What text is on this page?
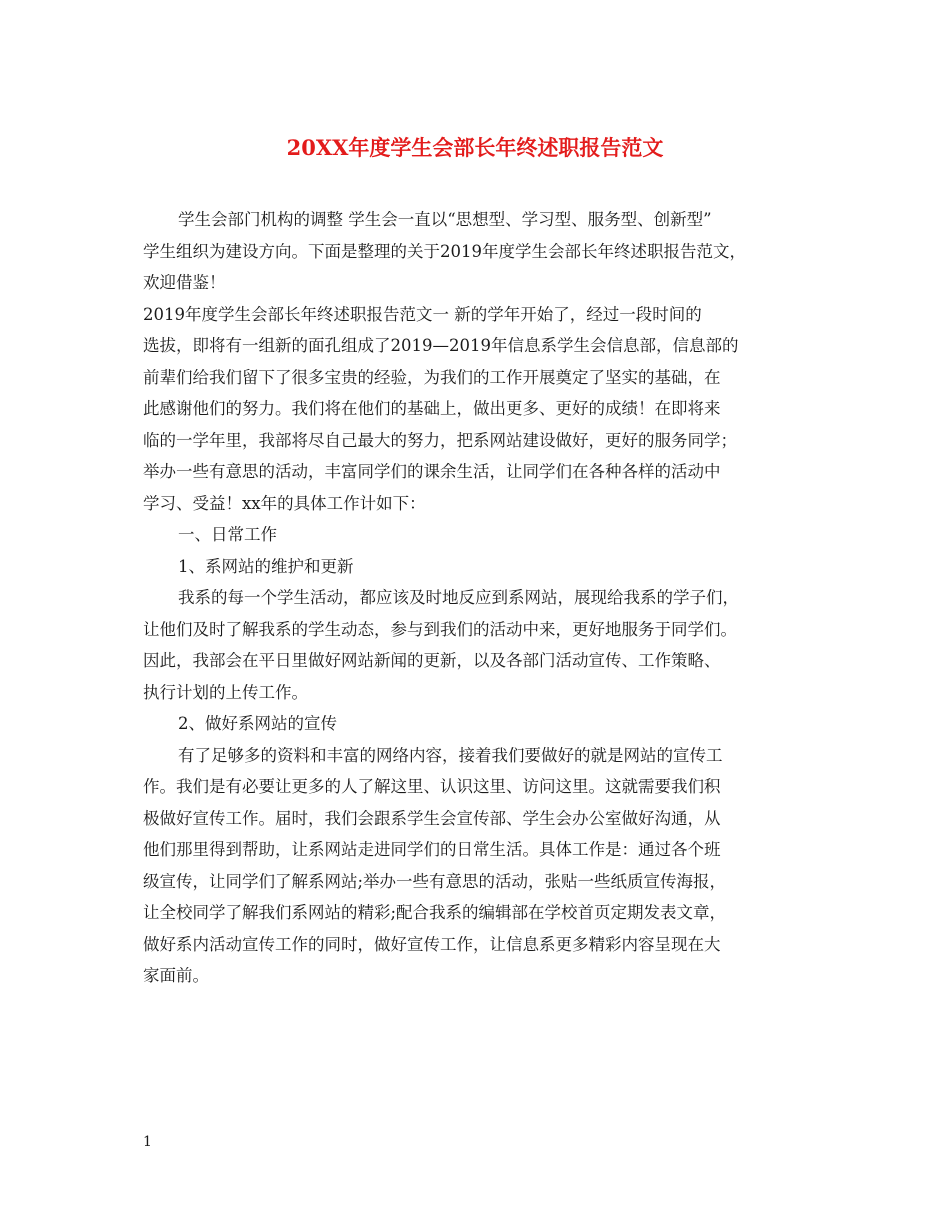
20XX年度学生会部长年终述职报告范文
学生会部门机构的调整 学生会一直以“思想型、学习型、服务型、创新型”
学生组织为建设方向。下面是整理的关于2019年度学生会部长年终述职报告范文，
欢迎借鉴！
2019年度学生会部长年终述职报告范文一 新的学年开始了，经过一段时间的
选拔，即将有一组新的面孔组成了2019—2019年信息系学生会信息部，信息部的
前辈们给我们留下了很多宝贵的经验，为我们的工作开展奠定了坚实的基础，在
此感谢他们的努力。我们将在他们的基础上，做出更多、更好的成绩！在即将来
临的一学年里，我部将尽自己最大的努力，把系网站建设做好，更好的服务同学；
举办一些有意思的活动，丰富同学们的课余生活，让同学们在各种各样的活动中
学习、受益！xx年的具体工作计如下：
一、日常工作
1、系网站的维护和更新
我系的每一个学生活动，都应该及时地反应到系网站，展现给我系的学子们，
让他们及时了解我系的学生动态，参与到我们的活动中来，更好地服务于同学们。
因此，我部会在平日里做好网站新闻的更新，以及各部门活动宣传、工作策略、
执行计划的上传工作。
2、做好系网站的宣传
有了足够多的资料和丰富的网络内容，接着我们要做好的就是网站的宣传工
作。我们是有必要让更多的人了解这里、认识这里、访问这里。这就需要我们积
极做好宣传工作。届时，我们会跟系学生会宣传部、学生会办公室做好沟通，从
他们那里得到帮助，让系网站走进同学们的日常生活。具体工作是：通过各个班
级宣传，让同学们了解系网站;举办一些有意思的活动，张贴一些纸质宣传海报，
让全校同学了解我们系网站的精彩;配合我系的编辑部在学校首页定期发表文章，
做好系内活动宣传工作的同时，做好宣传工作，让信息系更多精彩内容呈现在大
家面前。
1
